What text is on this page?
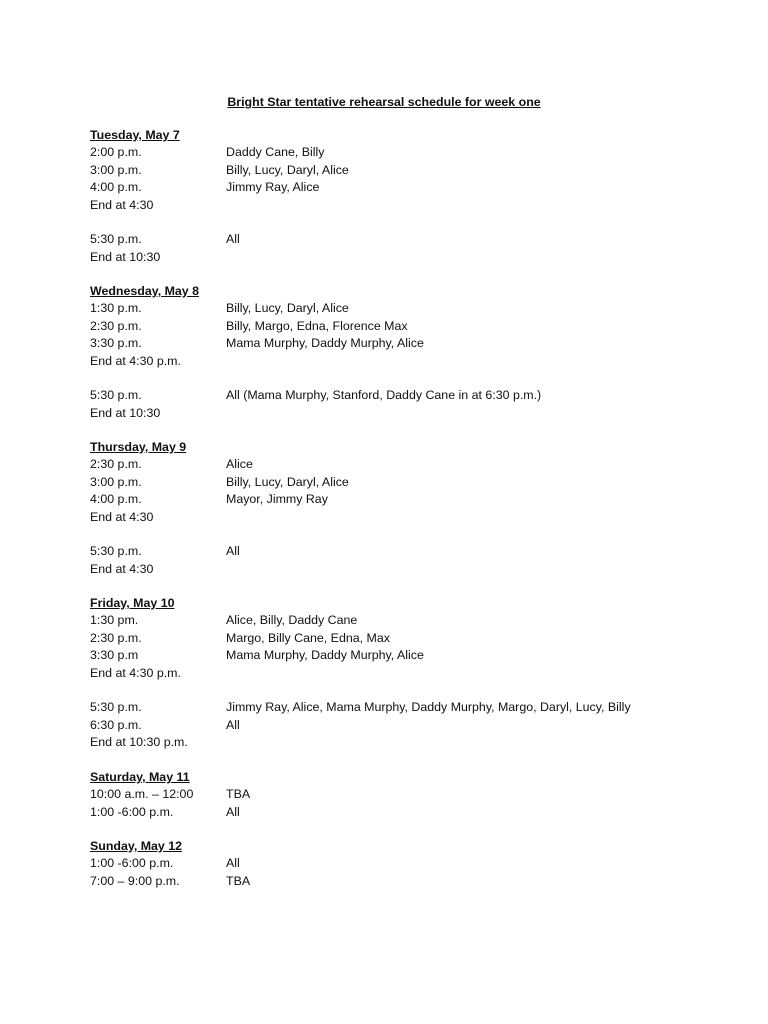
Bright Star tentative rehearsal schedule for week one
Tuesday, May 7
2:00 p.m.	Daddy Cane, Billy
3:00 p.m.	Billy, Lucy, Daryl, Alice
4:00 p.m.	Jimmy Ray, Alice
End at 4:30
5:30 p.m.	All
End at 10:30
Wednesday, May 8
1:30 p.m.	Billy, Lucy, Daryl, Alice
2:30 p.m.	Billy, Margo, Edna, Florence Max
3:30 p.m.	Mama Murphy, Daddy Murphy, Alice
End at 4:30 p.m.
5:30 p.m.	All (Mama Murphy, Stanford, Daddy Cane in at 6:30 p.m.)
End at 10:30
Thursday, May 9
2:30 p.m.	Alice
3:00 p.m.	Billy, Lucy, Daryl, Alice
4:00 p.m.	Mayor, Jimmy Ray
End at 4:30
5:30 p.m.	All
End at 4:30
Friday, May 10
1:30 pm.	Alice, Billy, Daddy Cane
2:30 p.m.	Margo, Billy Cane, Edna, Max
3:30 p.m	Mama Murphy, Daddy Murphy, Alice
End at 4:30 p.m.
5:30 p.m.	Jimmy Ray, Alice, Mama Murphy, Daddy Murphy, Margo, Daryl, Lucy, Billy
6:30 p.m.	All
End at 10:30 p.m.
Saturday, May 11
10:00 a.m. – 12:00	TBA
1:00 -6:00 p.m.	All
Sunday, May 12
1:00 -6:00 p.m.	All
7:00 – 9:00 p.m.	TBA
